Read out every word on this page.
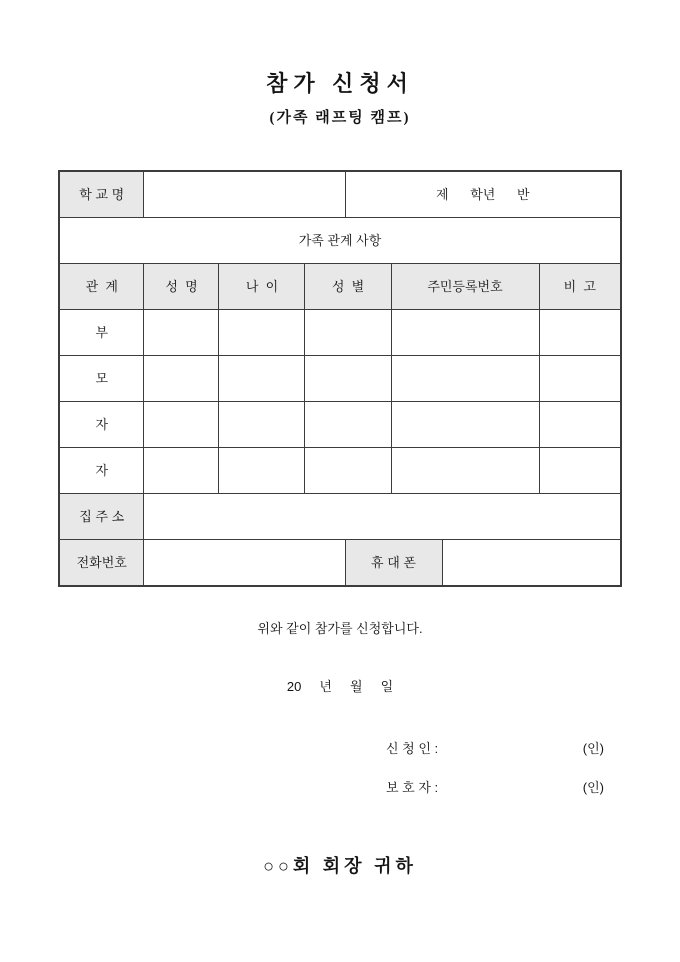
참가 신청서
(가족 래프팅 캠프)
학 교 명				제      학년      반			
가족 관계 사항							
관  계	성  명	나  이	성  별		주민등록번호		비  고
부							
모							
자							
자							
집 주 소							
전화번호				휴 대 폰			
위와 같이 참가를 신청합니다.
20     년     월     일
신 청 인 :	(인)
보 호 자 :	(인)
○○회 회장 귀하
